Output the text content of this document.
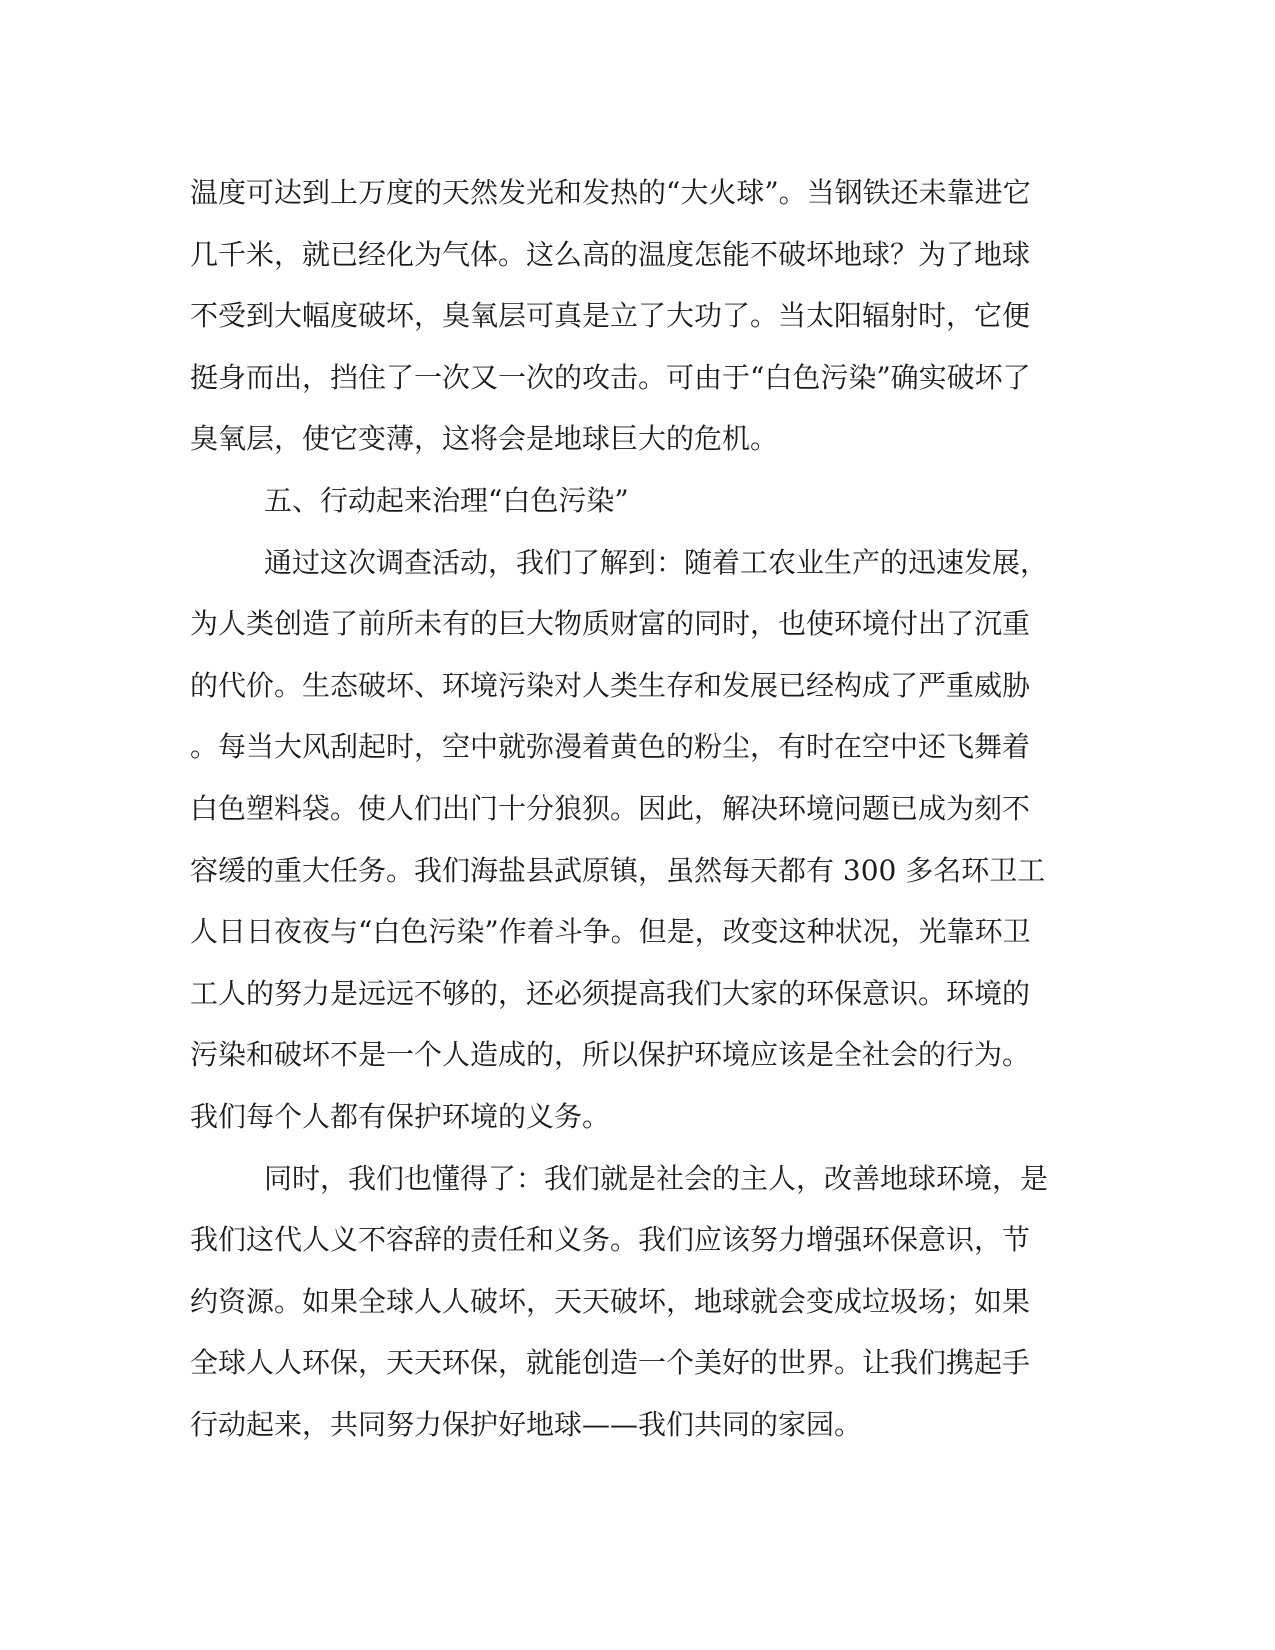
温度可达到上万度的天然发光和发热的“大火球”。当钢铁还未靠进它
几千米，就已经化为气体。这么高的温度怎能不破坏地球？为了地球
不受到大幅度破坏，臭氧层可真是立了大功了。当太阳辐射时，它便
挺身而出，挡住了一次又一次的攻击。可由于“白色污染”确实破坏了
臭氧层，使它变薄，这将会是地球巨大的危机。
五、行动起来治理“白色污染”
通过这次调查活动，我们了解到：随着工农业生产的迅速发展，
为人类创造了前所未有的巨大物质财富的同时，也使环境付出了沉重
的代价。生态破坏、环境污染对人类生存和发展已经构成了严重威胁
。每当大风刮起时，空中就弥漫着黄色的粉尘，有时在空中还飞舞着
白色塑料袋。使人们出门十分狼狈。因此，解决环境问题已成为刻不
容缓的重大任务。我们海盐县武原镇，虽然每天都有 300 多名环卫工
人日日夜夜与“白色污染”作着斗争。但是，改变这种状况，光靠环卫
工人的努力是远远不够的，还必须提高我们大家的环保意识。环境的
污染和破坏不是一个人造成的，所以保护环境应该是全社会的行为。
我们每个人都有保护环境的义务。
同时，我们也懂得了：我们就是社会的主人，改善地球环境，是
我们这代人义不容辞的责任和义务。我们应该努力增强环保意识，节
约资源。如果全球人人破坏，天天破坏，地球就会变成垃圾场；如果
全球人人环保，天天环保，就能创造一个美好的世界。让我们携起手
行动起来，共同努力保护好地球——我们共同的家园。
